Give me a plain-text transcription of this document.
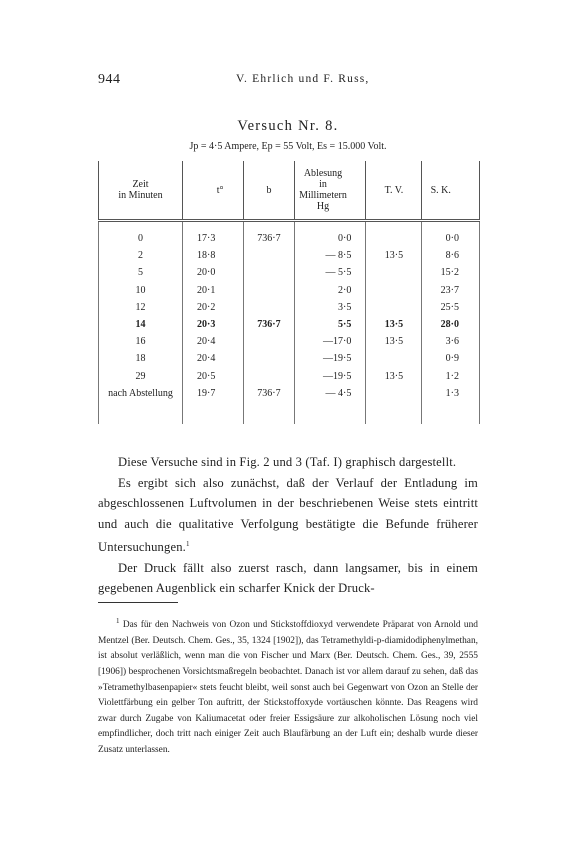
944	V. Ehrlich und F. Russ,
Versuch Nr. 8.
Jp = 4·5 Ampere, Ep = 55 Volt, Es = 15.000 Volt.
Zeit
in Minuten	t°	b	Ablesung
in Millimetern
Hg	T. V.	S. K.
0	17·3	736·7	0·0		0·0
2	18·8		— 8·5	13·5	8·6
5	20·0		— 5·5		15·2
10	20·1		2·0		23·7
12	20·2		3·5		25·5
14	20·3	736·7	5·5	13·5	28·0
16	20·4		—17·0	13·5	3·6
18	20·4		—19·5		0·9
29	20·5		—19·5	13·5	1·2
nach Abstellung	19·7	736·7	— 4·5		1·3

Diese Versuche sind in Fig. 2 und 3 (Taf. I) graphisch dargestellt.

Es ergibt sich also zunächst, daß der Verlauf der Entladung im abgeschlossenen Luftvolumen in der beschriebenen Weise stets eintritt und auch die qualitative Verfolgung bestätigte die Befunde früherer Untersuchungen.$^1$

Der Druck fällt also zuerst rasch, dann langsamer, bis in einem gegebenen Augenblick ein scharfer Knick der Druck-

$^1$ Das für den Nachweis von Ozon und Stickstoffdioxyd verwendete Präparat von Arnold und Mentzel (Ber. Deutsch. Chem. Ges., 35, 1324 [1902]), das Tetramethyldi-p-diamidodiphenylmethan, ist absolut verläßlich, wenn man die von Fischer und Marx (Ber. Deutsch. Chem. Ges., 39, 2555 [1906]) besprochenen Vorsichtsmaßregeln beobachtet. Danach ist vor allem darauf zu sehen, daß das »Tetramethylbasenpapier« stets feucht bleibt, weil sonst auch bei Gegenwart von Ozon an Stelle der Violettfärbung ein gelber Ton auftritt, der Stickstoffoxyde vortäuschen könnte. Das Reagens wird zwar durch Zugabe von Kaliumacetat oder freier Essigsäure zur alkoholischen Lösung noch viel empfindlicher, doch tritt nach einiger Zeit auch Blaufärbung an der Luft ein; deshalb wurde dieser Zusatz unterlassen.
